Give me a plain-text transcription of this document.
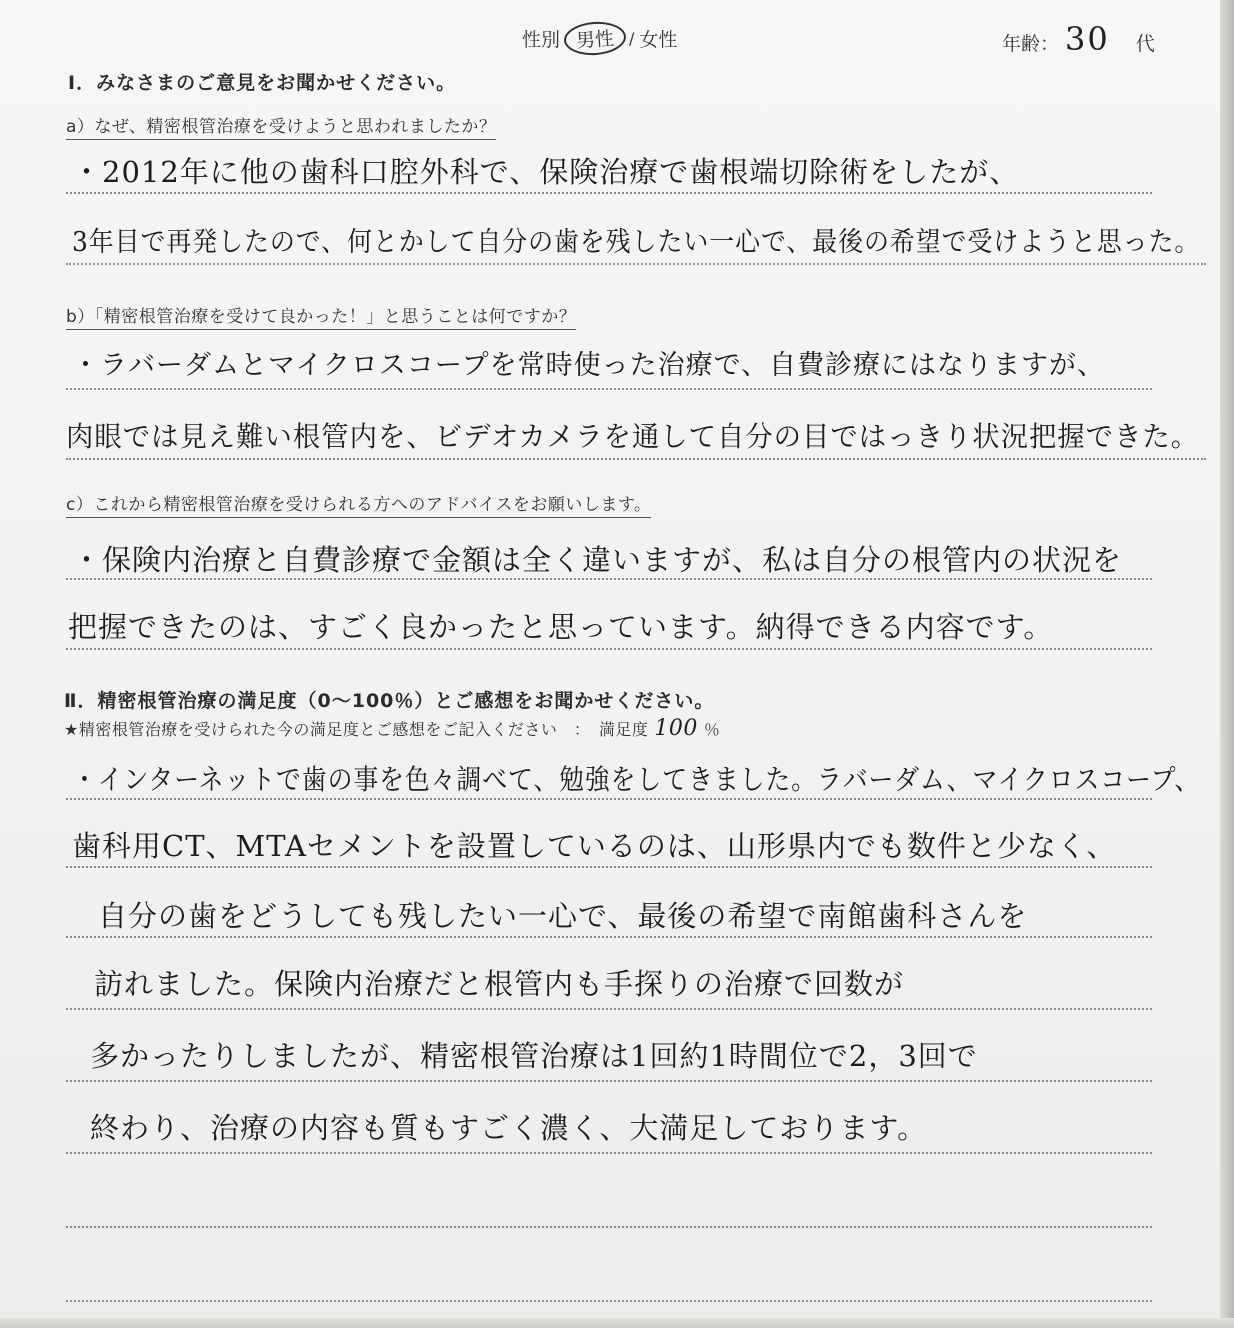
性別 男性 / 女性	年齢： 30 代
Ⅰ．みなさまのご意見をお聞かせください。
a）なぜ、精密根管治療を受けようと思われましたか？
・2012年に他の歯科口腔外科で、保険治療で歯根端切除術をしたが、
3年目で再発したので、何とかして自分の歯を残したい一心で、最後の希望で受けようと思った。
b）「精密根管治療を受けて良かった！」と思うことは何ですか？
・ラバーダムとマイクロスコープを常時使った治療で、自費診療にはなりますが、
肉眼では見え難い根管内を、ビデオカメラを通して自分の目ではっきり状況把握できた。
c）これから精密根管治療を受けられる方へのアドバイスをお願いします。
・保険内治療と自費診療で金額は全く違いますが、私は自分の根管内の状況を
把握できたのは、すごく良かったと思っています。納得できる内容です。
Ⅱ．精密根管治療の満足度（0～100％）とご感想をお聞かせください。
★精密根管治療を受けられた今の満足度とご感想をご記入ください　：　満足度 100 ％
・インターネットで歯の事を色々調べて、勉強をしてきました。ラバーダム、マイクロスコープ、
歯科用CT、MTAセメントを設置しているのは、山形県内でも数件と少なく、
自分の歯をどうしても残したい一心で、最後の希望で南館歯科さんを
訪れました。保険内治療だと根管内も手探りの治療で回数が
多かったりしましたが、精密根管治療は1回約1時間位で2，3回で
終わり、治療の内容も質もすごく濃く、大満足しております。
